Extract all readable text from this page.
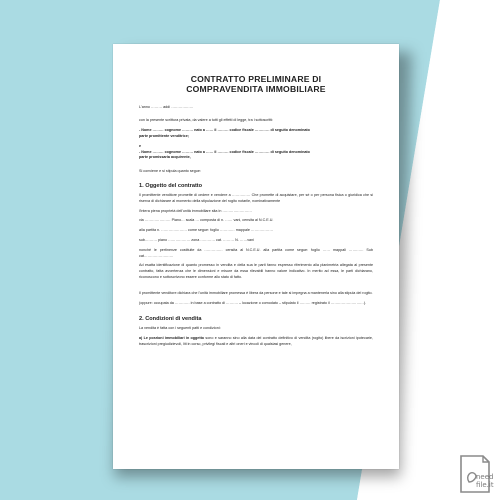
CONTRATTO PRELIMINARE DI

COMPRAVENDITA IMMOBILIARE

L'anno ……… addì ………………

con la presente scrittura privata, da valere a tutti gli effetti di legge, tra i sottoscritti:

- Nome ……… cognome ……… nato a …… il ……… codice fiscale ………… di seguito denominato

parte promittente venditrice;

e

- Nome ……… cognome ……… nato a …… il ……… codice fiscale ………… di seguito denominato

parte promissaria acquirente,

Si conviene e si stipula quanto segue:

1. Oggetto del contratto

Il promittente venditore promette di cedere e vendere a …………… Che promette di acquistare, per sé o per persona fisica o giuridica che si riserva di dichiarare al momento della stipulazione del rogito notarile, nominativamente

l'intera piena proprietà dell'unità immobiliare sita in ……………………

via ………………… Piano… scala … composta di n. …… vani, censita al N.C.E.U.

alla partita n. ………………… come segue: foglio ………… mappale ………………

sub.……… piano ……………… zona ………… cat. ……… N. ……vani

nonché le pertinenze costituite da …………… censita al N.C.E.U. alla partita come segue: foglio …… mappali ………… Sub cat……………………

Ad esatta identificazione di quanto promesso in vendita e della sua le parti fanno espresso riferimento alla planimetria allegata al presente contratto, fatta avvertenza che le dimensioni e misure da essa rilevabili hanno valore indicativo. In merito ad essa, le parti dichiarano, riconoscono e sottoscrivono essere conforme allo stato di fatto.

Il promittente venditore dichiara che l'unità immobiliare promessa è libera da persone e tale si impegna a mantenerla sino alla stipula del rogito.

(oppure: occupata da ………… in base a contratto di ………. – locazione o comodato – stipulato il ……… registrato il ………………………).

2. Condizioni di vendita

La vendita è fatta con i seguenti patti e condizioni:

a) Le porzioni immobiliari in oggetto sono e saranno sino alla data del contratto definitivo di vendita (rogito) libere da iscrizioni ipotecarie, trascrizioni pregiudizievoli, liti in corso, privilegi fiscali e altri oneri e vincoli di qualsiasi genere,

need
file.it
